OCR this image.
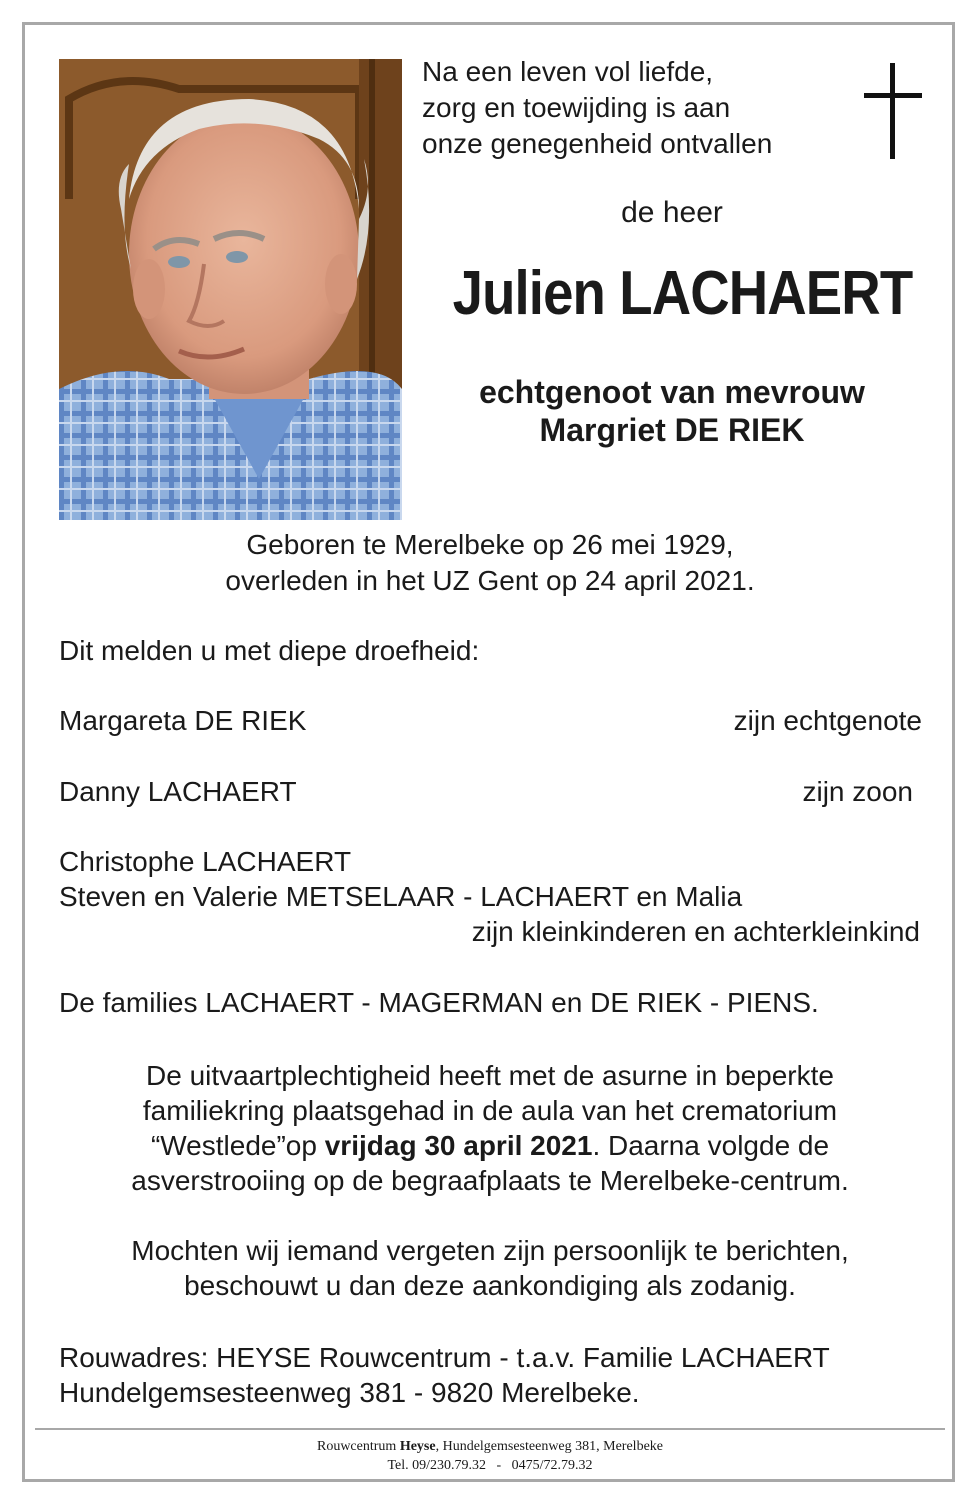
Na een leven vol liefde,
zorg en toewijding is aan
onze genegenheid ontvallen
de heer
Julien LACHAERT
echtgenoot van mevrouw
Margriet DE RIEK
Geboren te Merelbeke op 26 mei 1929,
overleden in het UZ Gent op 24 april 2021.
Dit melden u met diepe droefheid:
Margareta DE RIEK	zijn echtgenote
Danny LACHAERT	zijn zoon
Christophe LACHAERT
Steven en Valerie METSELAAR - LACHAERT en Malia
zijn kleinkinderen en achterkleinkind
De families LACHAERT - MAGERMAN en DE RIEK - PIENS.
De uitvaartplechtigheid heeft met de asurne in beperkte
familiekring plaatsgehad in de aula van het crematorium
“Westlede”op vrijdag 30 april 2021. Daarna volgde de
asverstrooiing op de begraafplaats te Merelbeke-centrum.
Mochten wij iemand vergeten zijn persoonlijk te berichten,
beschouwt u dan deze aankondiging als zodanig.
Rouwadres: HEYSE Rouwcentrum - t.a.v. Familie LACHAERT
Hundelgemsesteenweg 381 - 9820 Merelbeke.
Rouwcentrum Heyse, Hundelgemsesteenweg 381, Merelbeke
Tel. 09/230.79.32   -   0475/72.79.32
